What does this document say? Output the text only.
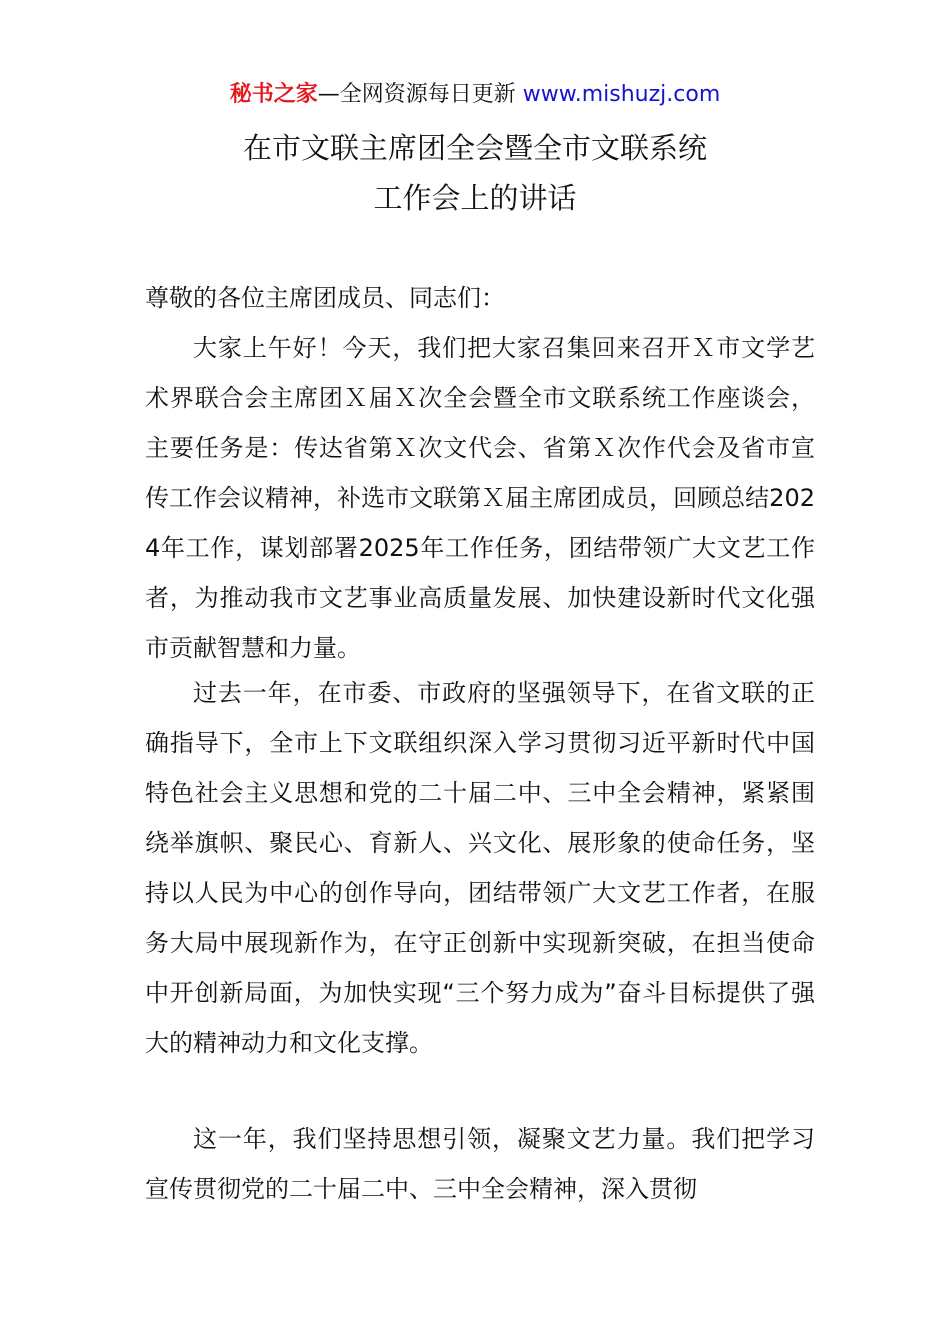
秘书之家—全网资源每日更新 www.mishuzj.com
在市文联主席团全会暨全市文联系统
工作会上的讲话
尊敬的各位主席团成员、同志们：
大家上午好！今天，我们把大家召集回来召开Ｘ市文学艺术界联合会主席团Ｘ届Ｘ次全会暨全市文联系统工作座谈会，主要任务是：传达省第Ｘ次文代会、省第Ｘ次作代会及省市宣传工作会议精神，补选市文联第Ｘ届主席团成员，回顾总结2024年工作，谋划部署2025年工作任务，团结带领广大文艺工作者，为推动我市文艺事业高质量发展、加快建设新时代文化强市贡献智慧和力量。
过去一年，在市委、市政府的坚强领导下，在省文联的正确指导下，全市上下文联组织深入学习贯彻习近平新时代中国特色社会主义思想和党的二十届二中、三中全会精神，紧紧围绕举旗帜、聚民心、育新人、兴文化、展形象的使命任务，坚持以人民为中心的创作导向，团结带领广大文艺工作者，在服务大局中展现新作为，在守正创新中实现新突破，在担当使命中开创新局面，为加快实现“三个努力成为”奋斗目标提供了强大的精神动力和文化支撑。
这一年，我们坚持思想引领，凝聚文艺力量。我们把学习宣传贯彻党的二十届二中、三中全会精神，深入贯彻
